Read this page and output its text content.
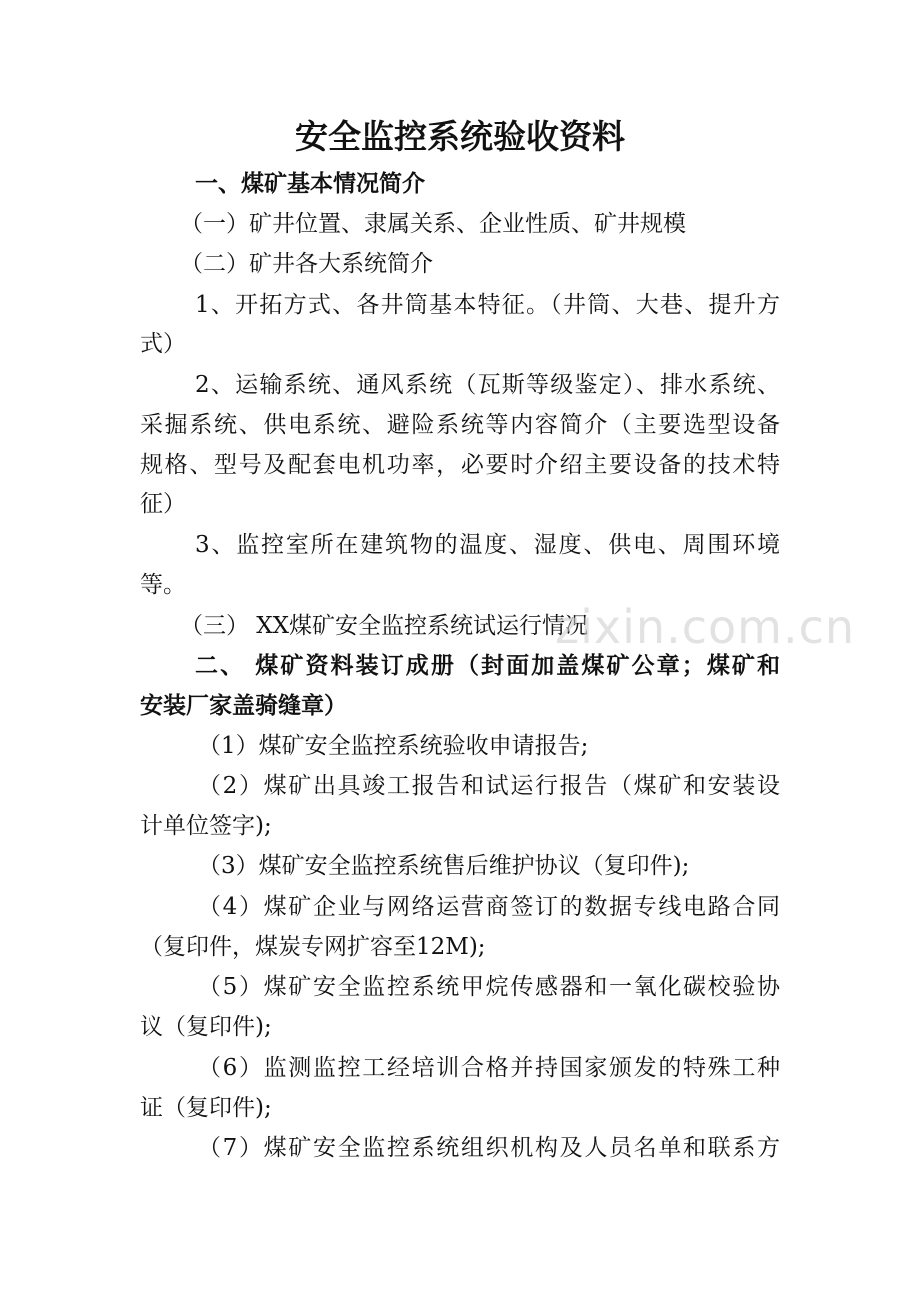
安全监控系统验收资料
一、煤矿基本情况简介
（一）矿井位置、隶属关系、企业性质、矿井规模
（二）矿井各大系统简介
1、开拓方式、各井筒基本特征。（井筒、大巷、提升方
式）
2、运输系统、通风系统（瓦斯等级鉴定）、排水系统、
采掘系统、供电系统、避险系统等内容简介（主要选型设备
规格、型号及配套电机功率，必要时介绍主要设备的技术特
征）
3、监控室所在建筑物的温度、湿度、供电、周围环境
等。
（三） XX煤矿安全监控系统试运行情况
二、 煤矿资料装订成册（封面加盖煤矿公章；煤矿和
安装厂家盖骑缝章）
（1）煤矿安全监控系统验收申请报告;
（2）煤矿出具竣工报告和试运行报告（煤矿和安装设
计单位签字);
（3）煤矿安全监控系统售后维护协议（复印件);
（4）煤矿企业与网络运营商签订的数据专线电路合同
（复印件，煤炭专网扩容至12M);
（5）煤矿安全监控系统甲烷传感器和一氧化碳校验协
议（复印件);
（6）监测监控工经培训合格并持国家颁发的特殊工种
证（复印件);
（7）煤矿安全监控系统组织机构及人员名单和联系方
zixin.com.cn
